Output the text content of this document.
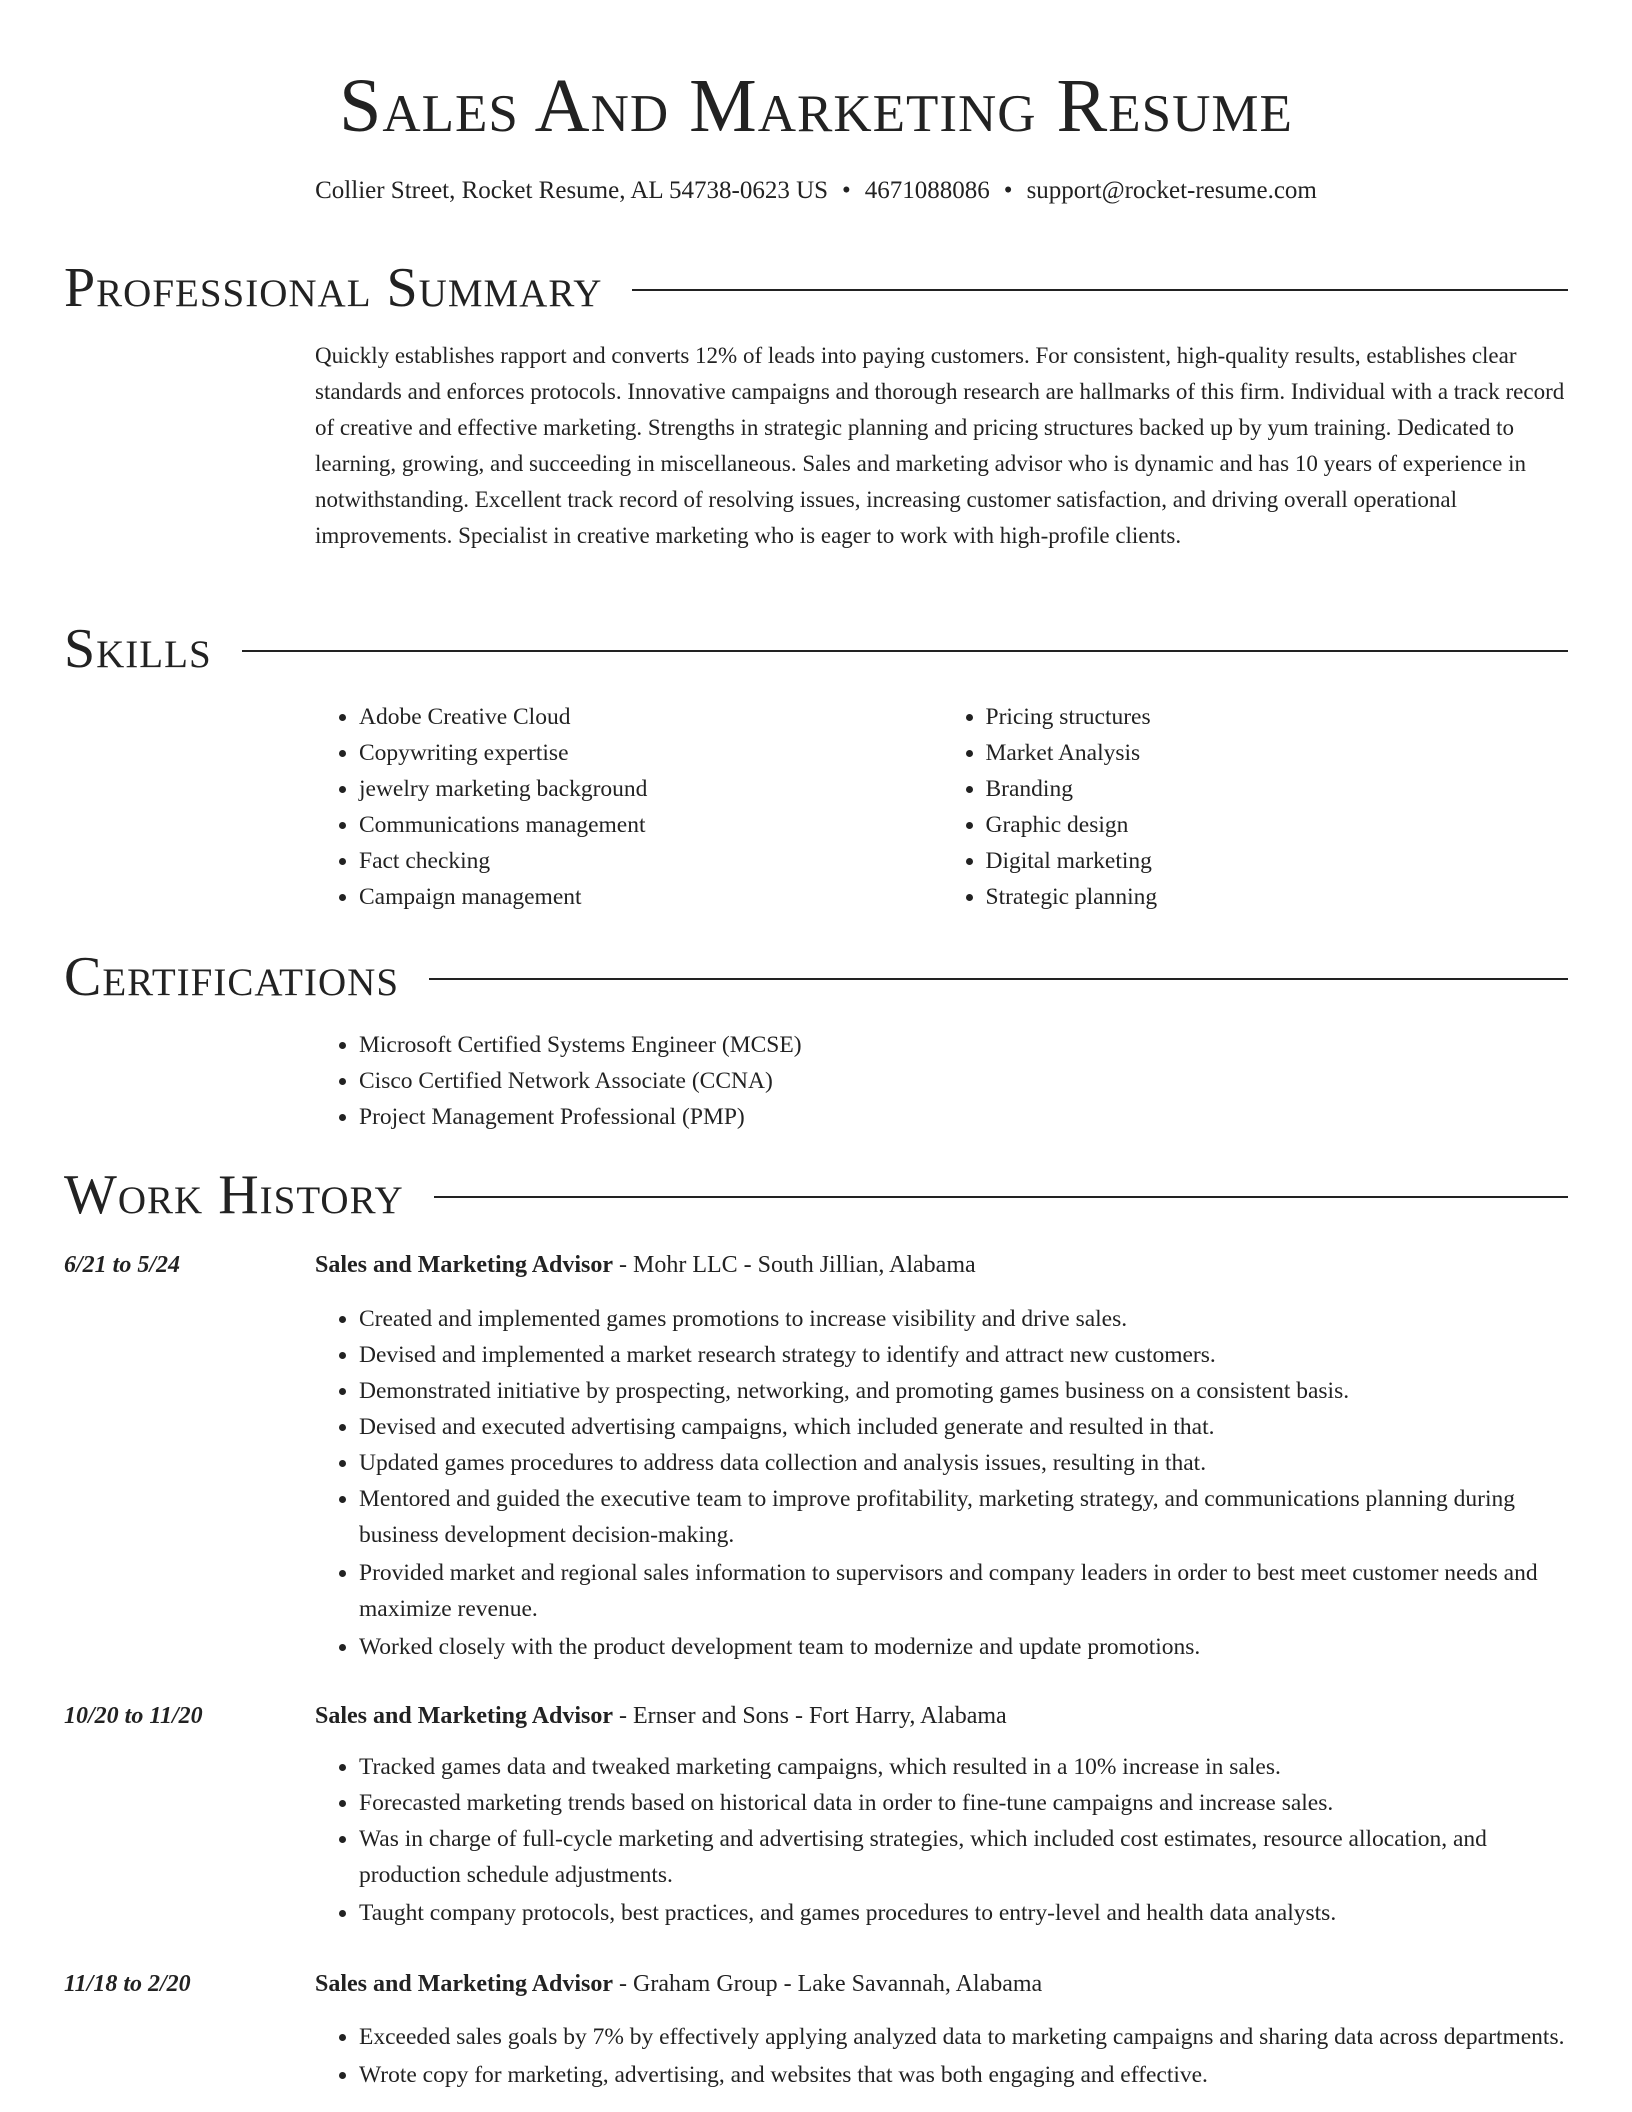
Sales And Marketing Resume
Collier Street, Rocket Resume, AL 54738-0623 US • 4671088086 • support@rocket-resume.com
Professional Summary

Quickly establishes rapport and converts 12% of leads into paying customers. For consistent, high-quality results, establishes clear standards and enforces protocols. Innovative campaigns and thorough research are hallmarks of this firm. Individual with a track record of creative and effective marketing. Strengths in strategic planning and pricing structures backed up by yum training. Dedicated to learning, growing, and succeeding in miscellaneous. Sales and marketing advisor who is dynamic and has 10 years of experience in notwithstanding. Excellent track record of resolving issues, increasing customer satisfaction, and driving overall operational improvements. Specialist in creative marketing who is eager to work with high-profile clients.

Skills
• Adobe Creative Cloud
• Copywriting expertise
• jewelry marketing background
• Communications management
• Fact checking
• Campaign management
• Pricing structures
• Market Analysis
• Branding
• Graphic design
• Digital marketing
• Strategic planning
Certifications
• Microsoft Certified Systems Engineer (MCSE)
• Cisco Certified Network Associate (CCNA)
• Project Management Professional (PMP)
Work History
6/21 to 5/24	Sales and Marketing Advisor - Mohr LLC - South Jillian, Alabama
• Created and implemented games promotions to increase visibility and drive sales.
• Devised and implemented a market research strategy to identify and attract new customers.
• Demonstrated initiative by prospecting, networking, and promoting games business on a consistent basis.
• Devised and executed advertising campaigns, which included generate and resulted in that.
• Updated games procedures to address data collection and analysis issues, resulting in that.
• Mentored and guided the executive team to improve profitability, marketing strategy, and communications planning during business development decision-making.
• Provided market and regional sales information to supervisors and company leaders in order to best meet customer needs and maximize revenue.
• Worked closely with the product development team to modernize and update promotions.
10/20 to 11/20	Sales and Marketing Advisor - Ernser and Sons - Fort Harry, Alabama
• Tracked games data and tweaked marketing campaigns, which resulted in a 10% increase in sales.
• Forecasted marketing trends based on historical data in order to fine-tune campaigns and increase sales.
• Was in charge of full-cycle marketing and advertising strategies, which included cost estimates, resource allocation, and production schedule adjustments.
• Taught company protocols, best practices, and games procedures to entry-level and health data analysts.
11/18 to 2/20	Sales and Marketing Advisor - Graham Group - Lake Savannah, Alabama
• Exceeded sales goals by 7% by effectively applying analyzed data to marketing campaigns and sharing data across departments.
• Wrote copy for marketing, advertising, and websites that was both engaging and effective.
